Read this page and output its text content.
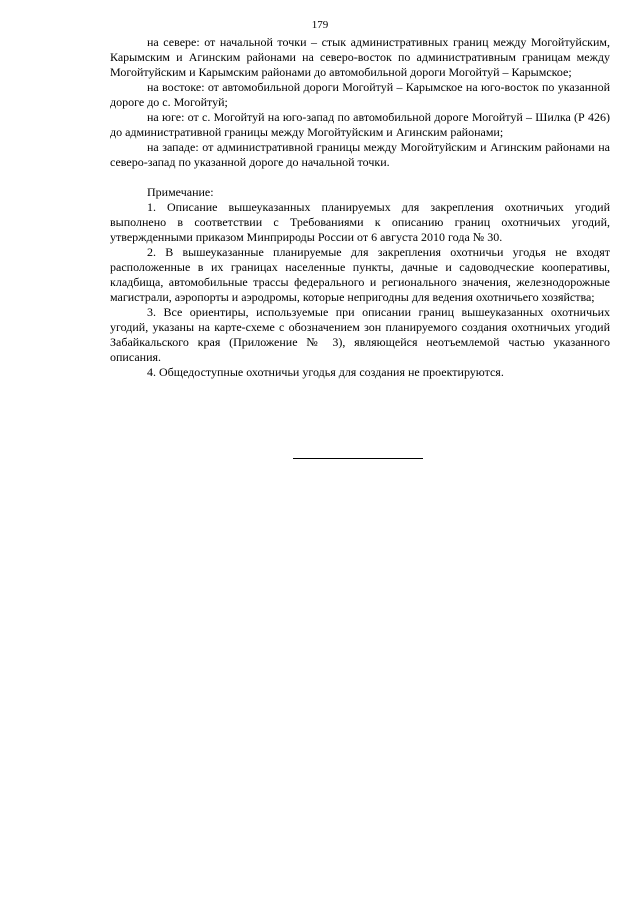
179

на севере: от начальной точки – стык административных границ между Могойтуйским, Карымским и Агинским районами на северо-восток по административным границам между Могойтуйским и Карымским районами до автомобильной дороги Могойтуй – Карымское;

на востоке: от автомобильной дороги Могойтуй – Карымское на юго-восток по указанной дороге до с. Могойтуй;

на юге: от с. Могойтуй на юго-запад по автомобильной дороге Могойтуй – Шилка (Р 426) до административной границы между Могойтуйским и Агинским районами;

на западе: от административной границы между Могойтуйским и Агинским районами на северо-запад по указанной дороге до начальной точки.

Примечание:

1. Описание вышеуказанных планируемых для закрепления охотничьих угодий выполнено в соответствии с Требованиями к описанию границ охотничьих угодий, утвержденными приказом Минприроды России от 6 августа 2010 года № 30.

2. В вышеуказанные планируемые для закрепления охотничьи угодья не входят расположенные в их границах населенные пункты, дачные и садоводческие кооперативы, кладбища, автомобильные трассы федерального и регионального значения, железнодорожные магистрали, аэропорты и аэродромы, которые непригодны для ведения охотничьего хозяйства;

3. Все ориентиры, используемые при описании границ вышеуказанных охотничьих угодий, указаны на карте-схеме с обозначением зон планируемого создания охотничьих угодий Забайкальского края (Приложение № 3), являющейся неотъемлемой частью указанного описания.

4. Общедоступные охотничьи угодья для создания не проектируются.
